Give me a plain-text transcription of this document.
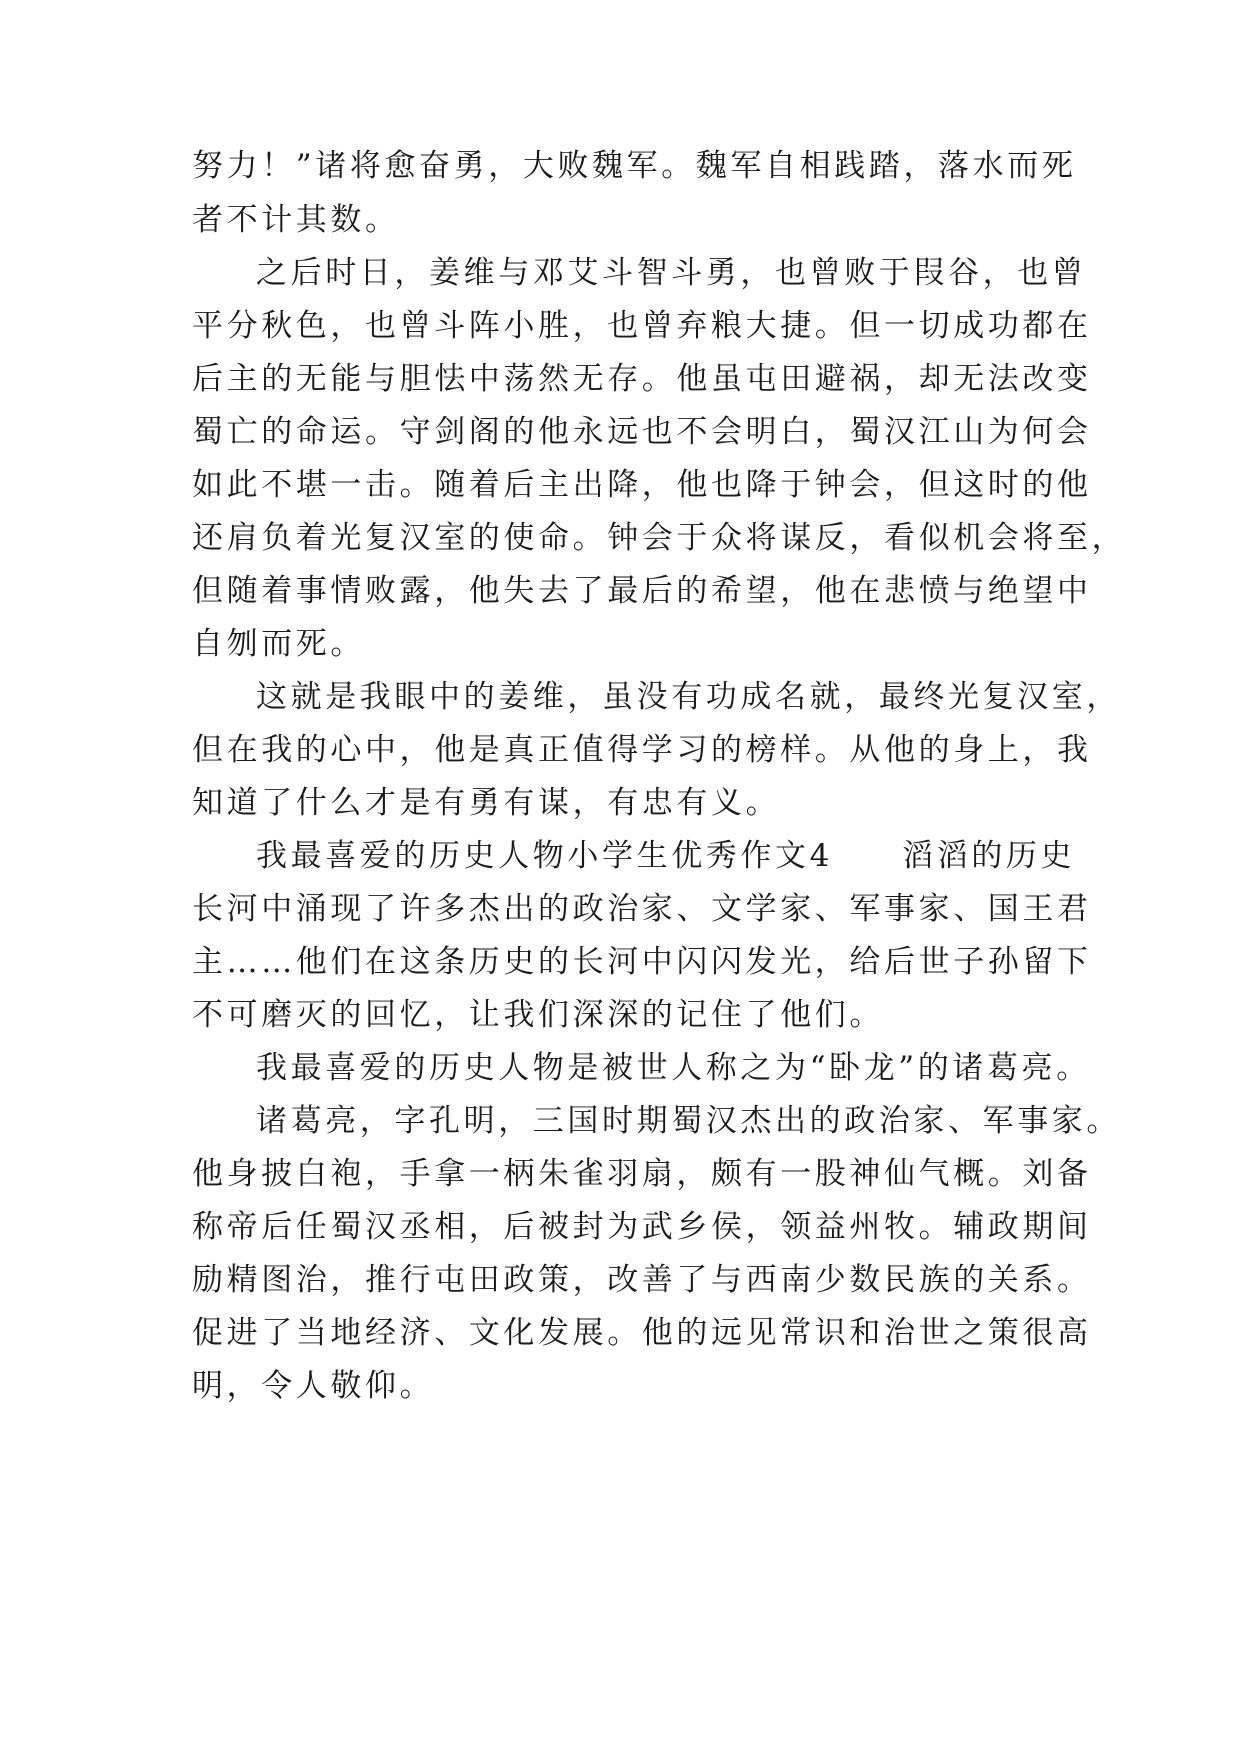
努力！”诸将愈奋勇，大败魏军。魏军自相践踏，落水而死
者不计其数。
之后时日，姜维与邓艾斗智斗勇，也曾败于叚谷，也曾
平分秋色，也曾斗阵小胜，也曾弃粮大捷。但一切成功都在
后主的无能与胆怯中荡然无存。他虽屯田避祸，却无法改变
蜀亡的命运。守剑阁的他永远也不会明白，蜀汉江山为何会
如此不堪一击。随着后主出降，他也降于钟会，但这时的他
还肩负着光复汉室的使命。钟会于众将谋反，看似机会将至，
但随着事情败露，他失去了最后的希望，他在悲愤与绝望中
自刎而死。
这就是我眼中的姜维，虽没有功成名就，最终光复汉室，
但在我的心中，他是真正值得学习的榜样。从他的身上，我
知道了什么才是有勇有谋，有忠有义。
我最喜爱的历史人物小学生优秀作文4　　滔滔的历史
长河中涌现了许多杰出的政治家、文学家、军事家、国王君
主……他们在这条历史的长河中闪闪发光，给后世子孙留下
不可磨灭的回忆，让我们深深的记住了他们。
我最喜爱的历史人物是被世人称之为“卧龙”的诸葛亮。
诸葛亮，字孔明，三国时期蜀汉杰出的政治家、军事家。
他身披白袍，手拿一柄朱雀羽扇，颇有一股神仙气概。刘备
称帝后任蜀汉丞相，后被封为武乡侯，领益州牧。辅政期间
励精图治，推行屯田政策，改善了与西南少数民族的关系。
促进了当地经济、文化发展。他的远见常识和治世之策很高
明，令人敬仰。
